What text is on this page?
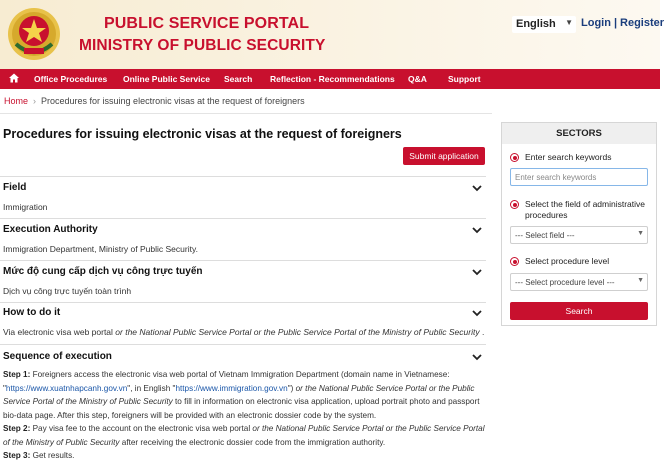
PUBLIC SERVICE PORTAL
MINISTRY OF PUBLIC SECURITY
English ▼ Login | Register
Office Procedures Online Public Service Search Reflection - Recommendations Q&A Support
Home › Procedures for issuing electronic visas at the request of foreigners
Procedures for issuing electronic visas at the request of foreigners
Submit application
Field
Immigration
Execution Authority
Immigration Department, Ministry of Public Security.
Mức độ cung cấp dịch vụ công trực tuyến
Dịch vụ công trực tuyến toàn trình
How to do it
Via electronic visa web portal or the National Public Service Portal or the Public Service Portal of the Ministry of Public Security .
Sequence of execution

Step 1: Foreigners access the electronic visa web portal of Vietnam Immigration Department (domain name in Vietnamese: "https://www.xuatnhapcanh.gov.vn", in English "https://www.immigration.gov.vn") or the National Public Service Portal or the Public Service Portal of the Ministry of Public Security to fill in information on electronic visa application, upload portrait photo and passport bio-data page. After this step, foreigners will be provided with an electronic dossier code by the system.

Step 2: Pay visa fee to the account on the electronic visa web portal or the National Public Service Portal or the Public Service Portal of the Ministry of Public Security after receiving the electronic dossier code from the immigration authority.

Step 3: Get results.

SECTORS
Enter search keywords
Enter search keywords
Select the field of administrative procedures
--- Select field ---	▼
Select procedure level
--- Select procedure level ---	▼
Search
